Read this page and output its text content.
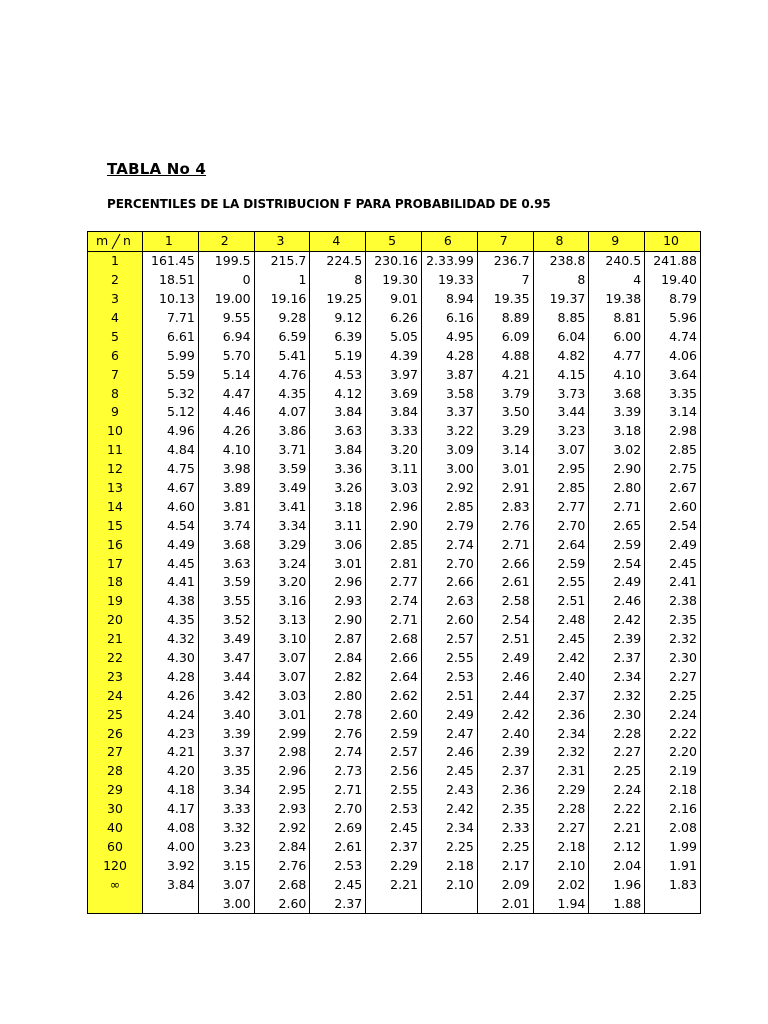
TABLA No 4
PERCENTILES DE LA DISTRIBUCION F PARA PROBABILIDAD DE 0.95
m n	1	2	3	4	5	6	7	8	9	10
1	161.45	199.5	215.7	224.5	230.16	2.33.99	236.7	238.8	240.5	241.88
2	18.51	0	1	8	19.30	19.33	7	8	4	19.40
3	10.13	19.00	19.16	19.25	9.01	8.94	19.35	19.37	19.38	8.79
4	7.71	9.55	9.28	9.12	6.26	6.16	8.89	8.85	8.81	5.96
5	6.61	6.94	6.59	6.39	5.05	4.95	6.09	6.04	6.00	4.74
6	5.99	5.70	5.41	5.19	4.39	4.28	4.88	4.82	4.77	4.06
7	5.59	5.14	4.76	4.53	3.97	3.87	4.21	4.15	4.10	3.64
8	5.32	4.47	4.35	4.12	3.69	3.58	3.79	3.73	3.68	3.35
9	5.12	4.46	4.07	3.84	3.84	3.37	3.50	3.44	3.39	3.14
10	4.96	4.26	3.86	3.63	3.33	3.22	3.29	3.23	3.18	2.98
11	4.84	4.10	3.71	3.84	3.20	3.09	3.14	3.07	3.02	2.85
12	4.75	3.98	3.59	3.36	3.11	3.00	3.01	2.95	2.90	2.75
13	4.67	3.89	3.49	3.26	3.03	2.92	2.91	2.85	2.80	2.67
14	4.60	3.81	3.41	3.18	2.96	2.85	2.83	2.77	2.71	2.60
15	4.54	3.74	3.34	3.11	2.90	2.79	2.76	2.70	2.65	2.54
16	4.49	3.68	3.29	3.06	2.85	2.74	2.71	2.64	2.59	2.49
17	4.45	3.63	3.24	3.01	2.81	2.70	2.66	2.59	2.54	2.45
18	4.41	3.59	3.20	2.96	2.77	2.66	2.61	2.55	2.49	2.41
19	4.38	3.55	3.16	2.93	2.74	2.63	2.58	2.51	2.46	2.38
20	4.35	3.52	3.13	2.90	2.71	2.60	2.54	2.48	2.42	2.35
21	4.32	3.49	3.10	2.87	2.68	2.57	2.51	2.45	2.39	2.32
22	4.30	3.47	3.07	2.84	2.66	2.55	2.49	2.42	2.37	2.30
23	4.28	3.44	3.07	2.82	2.64	2.53	2.46	2.40	2.34	2.27
24	4.26	3.42	3.03	2.80	2.62	2.51	2.44	2.37	2.32	2.25
25	4.24	3.40	3.01	2.78	2.60	2.49	2.42	2.36	2.30	2.24
26	4.23	3.39	2.99	2.76	2.59	2.47	2.40	2.34	2.28	2.22
27	4.21	3.37	2.98	2.74	2.57	2.46	2.39	2.32	2.27	2.20
28	4.20	3.35	2.96	2.73	2.56	2.45	2.37	2.31	2.25	2.19
29	4.18	3.34	2.95	2.71	2.55	2.43	2.36	2.29	2.24	2.18
30	4.17	3.33	2.93	2.70	2.53	2.42	2.35	2.28	2.22	2.16
40	4.08	3.32	2.92	2.69	2.45	2.34	2.33	2.27	2.21	2.08
60	4.00	3.23	2.84	2.61	2.37	2.25	2.25	2.18	2.12	1.99
120	3.92	3.15	2.76	2.53	2.29	2.18	2.17	2.10	2.04	1.91
∞	3.84	3.07	2.68	2.45	2.21	2.10	2.09	2.02	1.96	1.83
		3.00	2.60	2.37			2.01	1.94	1.88	
